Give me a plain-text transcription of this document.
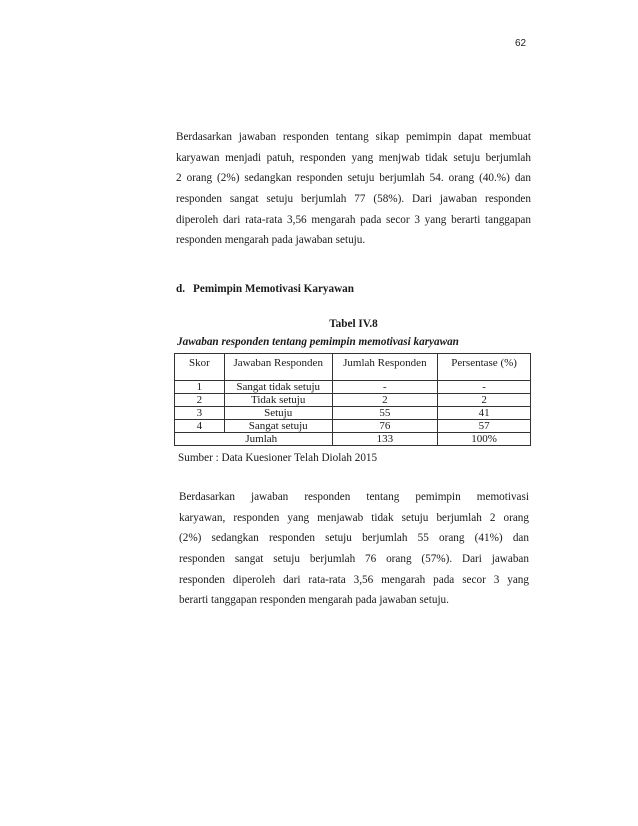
62
Berdasarkan jawaban responden tentang sikap pemimpin dapat membuat
karyawan menjadi patuh, responden yang menjwab tidak setuju berjumlah
2 orang (2%) sedangkan responden setuju berjumlah 54. orang (40.%) dan
responden sangat setuju berjumlah 77 (58%). Dari jawaban responden
diperoleh dari rata-rata 3,56 mengarah pada secor 3 yang berarti tanggapan
responden mengarah pada jawaban setuju.
d. Pemimpin Memotivasi Karyawan
Tabel IV.8
Jawaban responden tentang pemimpin memotivasi karyawan
Skor	Jawaban Responden	Jumlah Responden	Persentase (%)
1	Sangat tidak setuju	-	-
2	Tidak setuju	2	2
3	Setuju	55	41
4	Sangat setuju	76	57
Jumlah		133	100%
Sumber : Data Kuesioner Telah Diolah 2015
Berdasarkan jawaban responden tentang pemimpin memotivasi
karyawan, responden yang menjawab tidak setuju berjumlah 2 orang
(2%) sedangkan responden setuju berjumlah 55 orang (41%) dan
responden sangat setuju berjumlah 76 orang (57%). Dari jawaban
responden diperoleh dari rata-rata 3,56 mengarah pada secor 3 yang
berarti tanggapan responden mengarah pada jawaban setuju.
